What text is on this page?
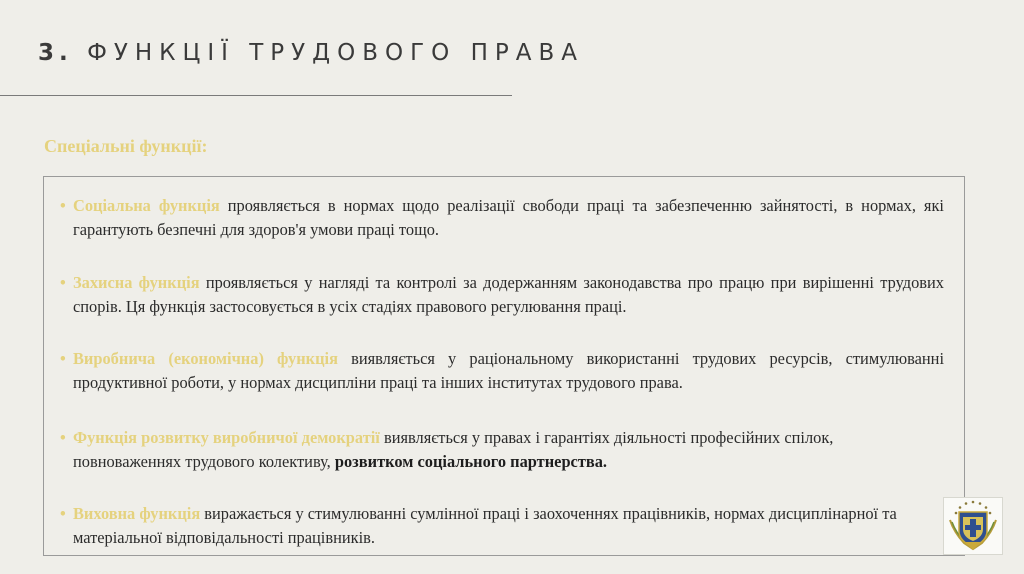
3. ФУНКЦІЇ ТРУДОВОГО ПРАВА
Спеціальні функції:
• Соціальна функція проявляється в нормах щодо реалізації свободи праці та забезпеченню зайнятості, в нормах, які гарантують безпечні для здоров'я умови праці тощо.
• Захисна функція проявляється у нагляді та контролі за додержанням законодавства про працю при вирішенні трудових спорів. Ця функція застосовується в усіх стадіях правового регулювання праці.
• Виробнича (економічна) функція виявляється у раціональному використанні трудових ресурсів, стимулюванні продуктивної роботи, у нормах дисципліни праці та інших інститутах трудового права.
• Функція розвитку виробничої демократії виявляється у правах і гарантіях діяльності професійних спілок, повноваженнях трудового колективу, розвитком соціального партнерства.
• Виховна функція виражається у стимулюванні сумлінної праці і заохоченнях працівників, нормах дисциплінарної та матеріальної відповідальності працівників.
